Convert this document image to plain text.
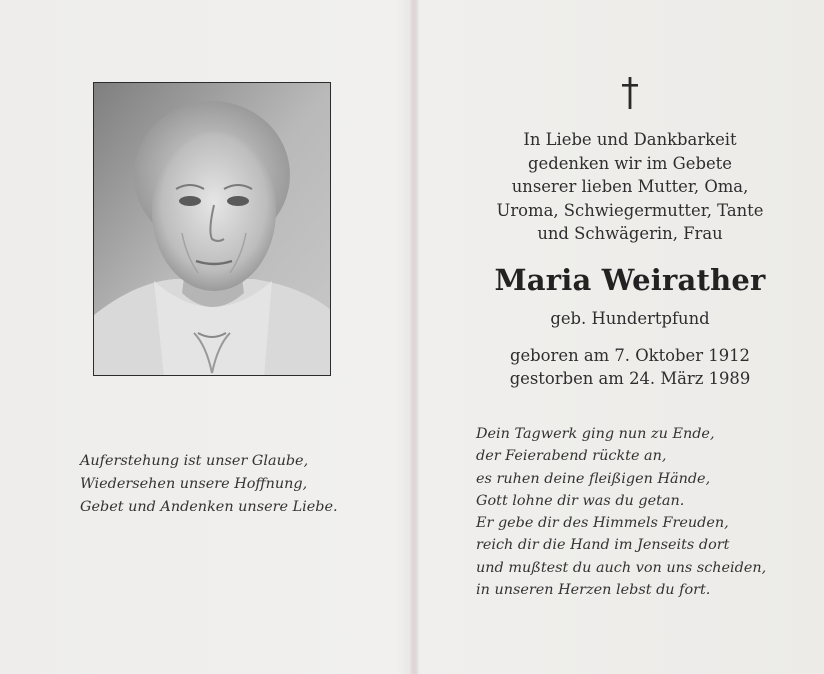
Auferstehung ist unser Glaube,
Wiedersehen unsere Hoffnung,
Gebet und Andenken unsere Liebe.
In Liebe und Dankbarkeit
gedenken wir im Gebete
unserer lieben Mutter, Oma,
Uroma, Schwiegermutter, Tante
und Schwägerin, Frau
Maria Weirather
geb. Hundertpfund
geboren am 7. Oktober 1912
gestorben am 24. März 1989
Dein Tagwerk ging nun zu Ende,
der Feierabend rückte an,
es ruhen deine fleißigen Hände,
Gott lohne dir was du getan.
Er gebe dir des Himmels Freuden,
reich dir die Hand im Jenseits dort
und mußtest du auch von uns scheiden,
in unseren Herzen lebst du fort.
